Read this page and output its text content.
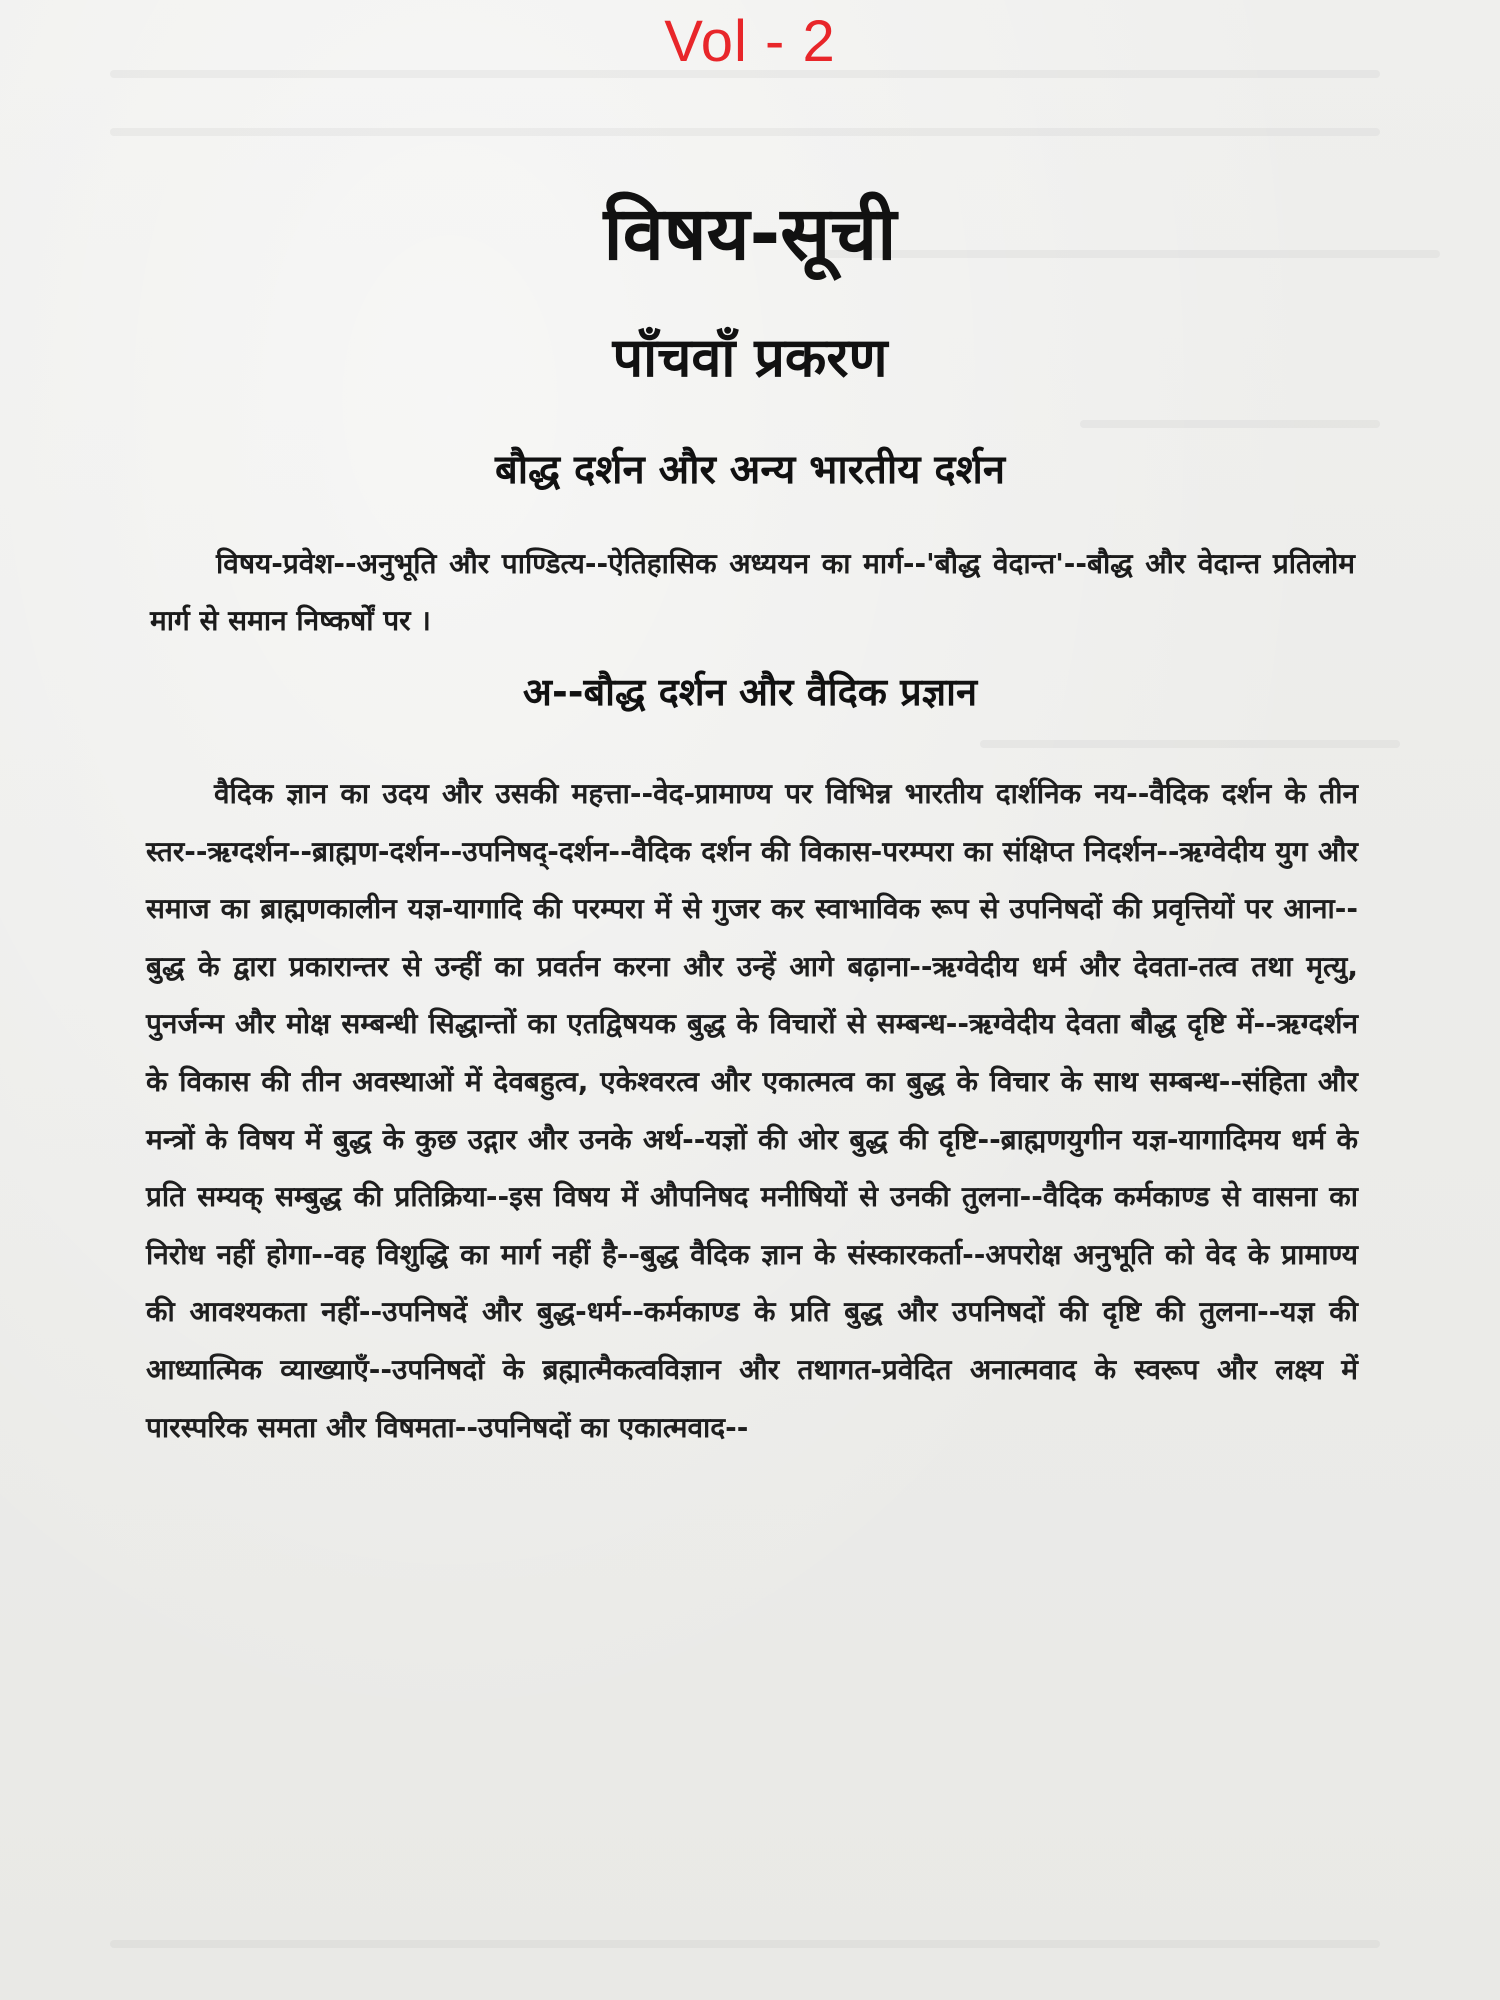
Vol - 2
विषय-सूची
पाँचवाँ प्रकरण
बौद्ध दर्शन और अन्य भारतीय दर्शन
विषय-प्रवेश--अनुभूति और पाण्डित्य--ऐतिहासिक अध्ययन का मार्ग--'बौद्ध वेदान्त'--बौद्ध और वेदान्त प्रतिलोम मार्ग से समान निष्कर्षों पर ।
अ--बौद्ध दर्शन और वैदिक प्रज्ञान
वैदिक ज्ञान का उदय और उसकी महत्ता--वेद-प्रामाण्य पर विभिन्न भारतीय दार्शनिक नय--वैदिक दर्शन के तीन स्तर--ऋग्दर्शन--ब्राह्मण-दर्शन--उपनिषद्-दर्शन--वैदिक दर्शन की विकास-परम्परा का संक्षिप्त निदर्शन--ऋग्वेदीय युग और समाज का ब्राह्मणकालीन यज्ञ-यागादि की परम्परा में से गुजर कर स्वाभाविक रूप से उपनिषदों की प्रवृत्तियों पर आना--बुद्ध के द्वारा प्रकारान्तर से उन्हीं का प्रवर्तन करना और उन्हें आगे बढ़ाना--ऋग्वेदीय धर्म और देवता-तत्व तथा मृत्यु, पुनर्जन्म और मोक्ष सम्बन्धी सिद्धान्तों का एतद्विषयक बुद्ध के विचारों से सम्बन्ध--ऋग्वेदीय देवता बौद्ध दृष्टि में--ऋग्दर्शन के विकास की तीन अवस्थाओं में देवबहुत्व, एकेश्वरत्व और एकात्मत्व का बुद्ध के विचार के साथ सम्बन्ध--संहिता और मन्त्रों के विषय में बुद्ध के कुछ उद्गार और उनके अर्थ--यज्ञों की ओर बुद्ध की दृष्टि--ब्राह्मणयुगीन यज्ञ-यागादिमय धर्म के प्रति सम्यक् सम्बुद्ध की प्रतिक्रिया--इस विषय में औपनिषद मनीषियों से उनकी तुलना--वैदिक कर्मकाण्ड से वासना का निरोध नहीं होगा--वह विशुद्धि का मार्ग नहीं है--बुद्ध वैदिक ज्ञान के संस्कारकर्ता--अपरोक्ष अनुभूति को वेद के प्रामाण्य की आवश्यकता नहीं--उपनिषदें और बुद्ध-धर्म--कर्मकाण्ड के प्रति बुद्ध और उपनिषदों की दृष्टि की तुलना--यज्ञ की आध्यात्मिक व्याख्याएँ--उपनिषदों के ब्रह्मात्मैकत्वविज्ञान और तथागत-प्रवेदित अनात्मवाद के स्वरूप और लक्ष्य में पारस्परिक समता और विषमता--उपनिषदों का एकात्मवाद--
